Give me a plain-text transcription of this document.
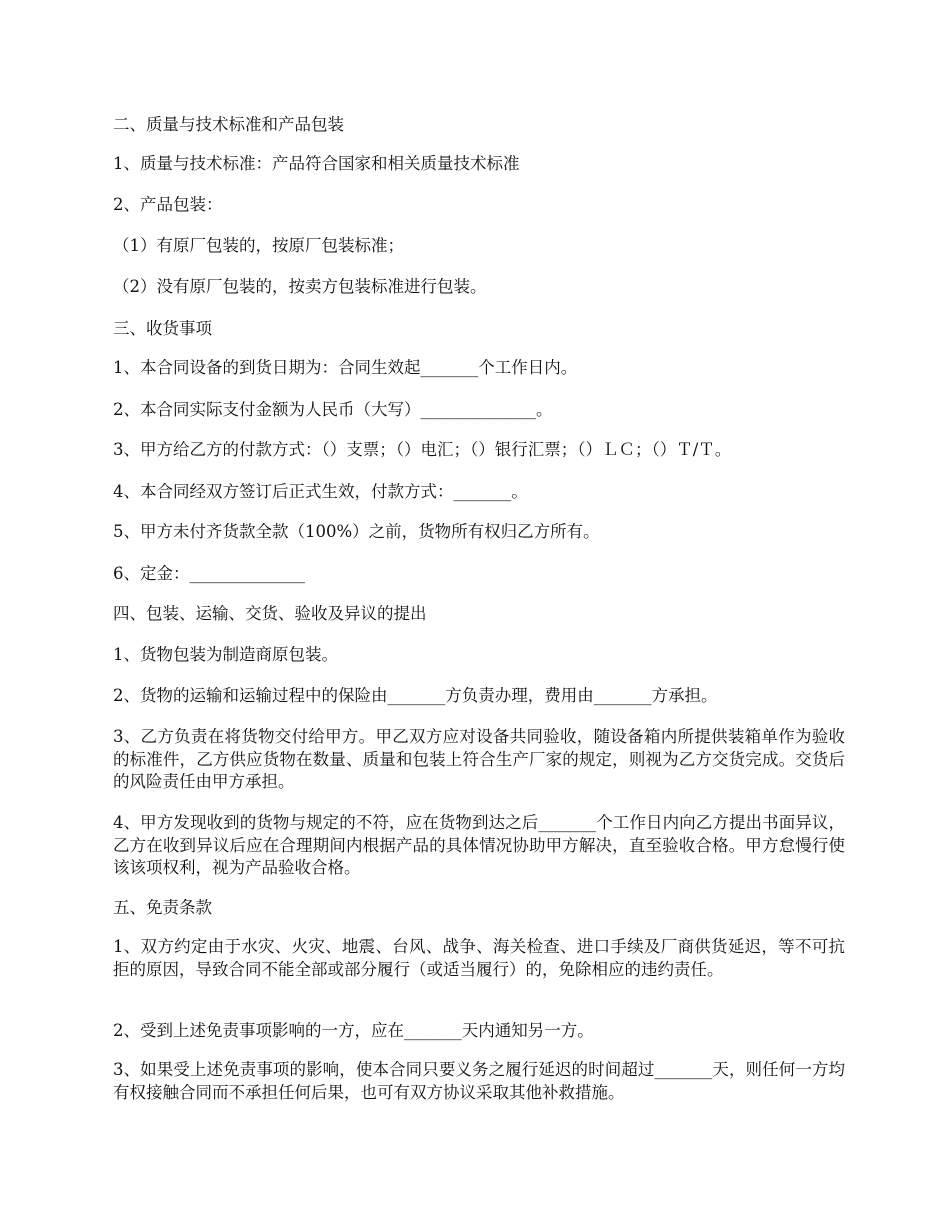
二、质量与技术标准和产品包装

1、质量与技术标准：产品符合国家和相关质量技术标准

2、产品包装：

（1）有原厂包装的，按原厂包装标准；

（2）没有原厂包装的，按卖方包装标准进行包装。

三、收货事项

1、本合同设备的到货日期为：合同生效起_______个工作日内。

2、本合同实际支付金额为人民币（大写）______________。

3、甲方给乙方的付款方式：（）支票；（）电汇；（）银行汇票；（）ＬＣ；（）Ｔ/Ｔ。

4、本合同经双方签订后正式生效，付款方式：_______。

5、甲方未付齐货款全款（100%）之前，货物所有权归乙方所有。

6、定金：______________

四、包装、运输、交货、验收及异议的提出

1、货物包装为制造商原包装。

2、货物的运输和运输过程中的保险由_______方负责办理，费用由_______方承担。

3、乙方负责在将货物交付给甲方。甲乙双方应对设备共同验收，随设备箱内所提供装箱单作为验收的标准件，乙方供应货物在数量、质量和包装上符合生产厂家的规定，则视为乙方交货完成。交货后的风险责任由甲方承担。

4、甲方发现收到的货物与规定的不符，应在货物到达之后_______个工作日内向乙方提出书面异议，乙方在收到异议后应在合理期间内根据产品的具体情况协助甲方解决，直至验收合格。甲方怠慢行使该该项权利，视为产品验收合格。

五、免责条款

1、双方约定由于水灾、火灾、地震、台风、战争、海关检查、进口手续及厂商供货延迟，等不可抗拒的原因，导致合同不能全部或部分履行（或适当履行）的，免除相应的违约责任。

2、受到上述免责事项影响的一方，应在_______天内通知另一方。

3、如果受上述免责事项的影响，使本合同只要义务之履行延迟的时间超过_______天，则任何一方均有权接触合同而不承担任何后果，也可有双方协议采取其他补救措施。
